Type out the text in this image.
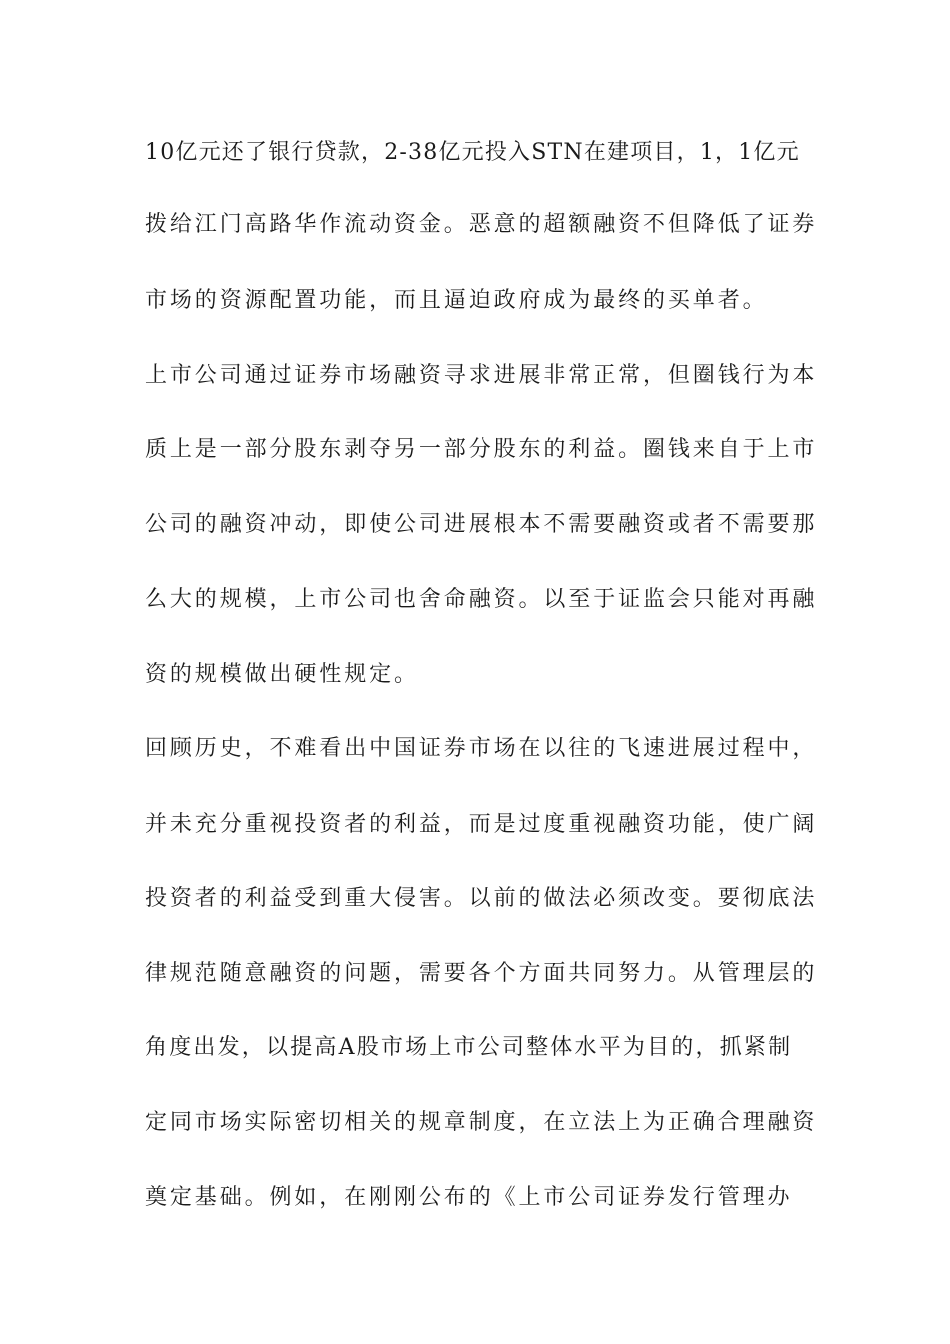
10亿元还了银行贷款，2-38亿元投入STN在建项目，1，1亿元
拨给江门高路华作流动资金。恶意的超额融资不但降低了证券
市场的资源配置功能，而且逼迫政府成为最终的买单者。
上市公司通过证券市场融资寻求进展非常正常，但圈钱行为本
质上是一部分股东剥夺另一部分股东的利益。圈钱来自于上市
公司的融资冲动，即使公司进展根本不需要融资或者不需要那
么大的规模，上市公司也舍命融资。以至于证监会只能对再融
资的规模做出硬性规定。
回顾历史，不难看出中国证券市场在以往的飞速进展过程中，
并未充分重视投资者的利益，而是过度重视融资功能，使广阔
投资者的利益受到重大侵害。以前的做法必须改变。要彻底法
律规范随意融资的问题，需要各个方面共同努力。从管理层的
角度出发，以提高A股市场上市公司整体水平为目的，抓紧制
定同市场实际密切相关的规章制度，在立法上为正确合理融资
奠定基础。例如，在刚刚公布的《上市公司证券发行管理办
